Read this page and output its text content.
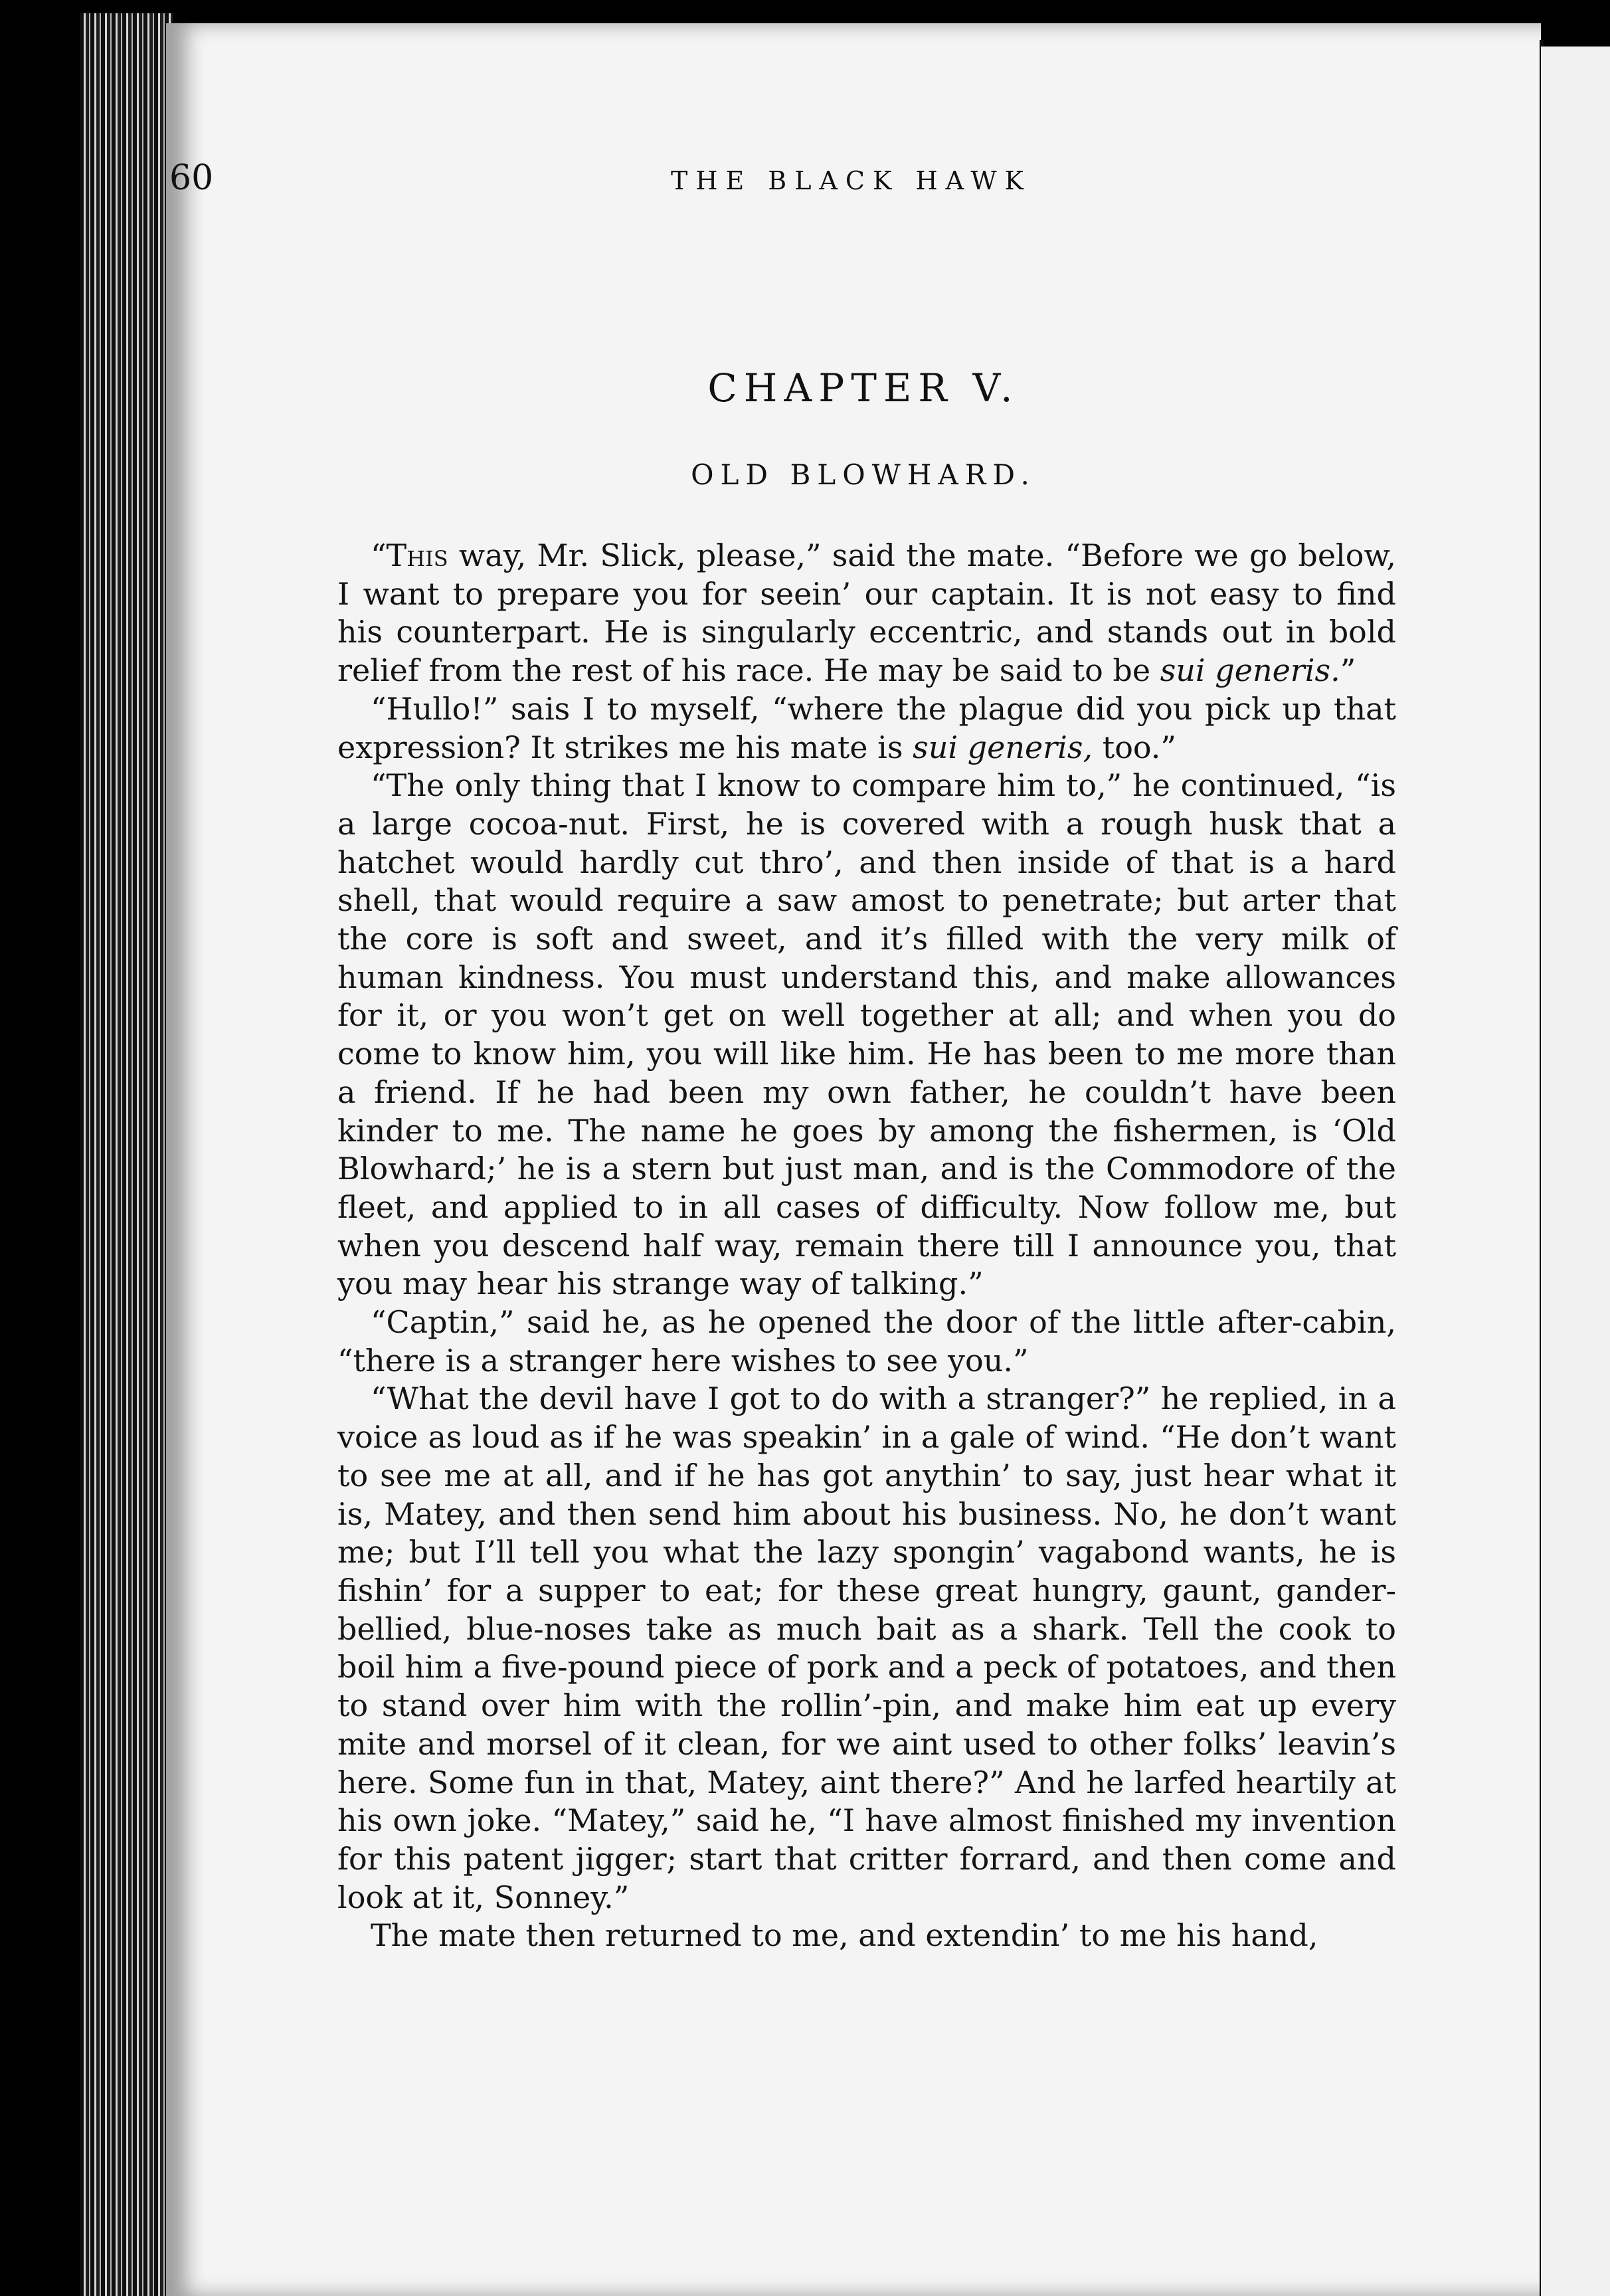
60	THE BLACK HAWK
CHAPTER V.
OLD BLOWHARD.

“This way, Mr. Slick, please,” said the mate. “Before we go below, I want to prepare you for seein’ our captain. It is not easy to find his counterpart. He is singularly eccentric, and stands out in bold relief from the rest of his race. He may be said to be sui generis.”

“Hullo!” sais I to myself, “where the plague did you pick up that expression? It strikes me his mate is sui generis, too.”

“The only thing that I know to compare him to,” he continued, “is a large cocoa-nut. First, he is covered with a rough husk that a hatchet would hardly cut thro’, and then inside of that is a hard shell, that would require a saw amost to penetrate; but arter that the core is soft and sweet, and it’s filled with the very milk of human kindness. You must understand this, and make allowances for it, or you won’t get on well together at all; and when you do come to know him, you will like him. He has been to me more than a friend. If he had been my own father, he couldn’t have been kinder to me. The name he goes by among the fishermen, is ‘Old Blowhard;’ he is a stern but just man, and is the Commodore of the fleet, and applied to in all cases of difficulty. Now follow me, but when you descend half way, remain there till I announce you, that you may hear his strange way of talking.”

“Captin,” said he, as he opened the door of the little after-cabin, “there is a stranger here wishes to see you.”

“What the devil have I got to do with a stranger?” he replied, in a voice as loud as if he was speakin’ in a gale of wind. “He don’t want to see me at all, and if he has got anythin’ to say, just hear what it is, Matey, and then send him about his business. No, he don’t want me; but I’ll tell you what the lazy spongin’ vagabond wants, he is fishin’ for a supper to eat; for these great hungry, gaunt, gander-bellied, blue-noses take as much bait as a shark. Tell the cook to boil him a five-pound piece of pork and a peck of potatoes, and then to stand over him with the rollin’-pin, and make him eat up every mite and morsel of it clean, for we aint used to other folks’ leavin’s here. Some fun in that, Matey, aint there?” And he larfed heartily at his own joke. “Matey,” said he, “I have almost finished my invention for this patent jigger; start that critter forrard, and then come and look at it, Sonney.”

The mate then returned to me, and extendin’ to me his hand,
